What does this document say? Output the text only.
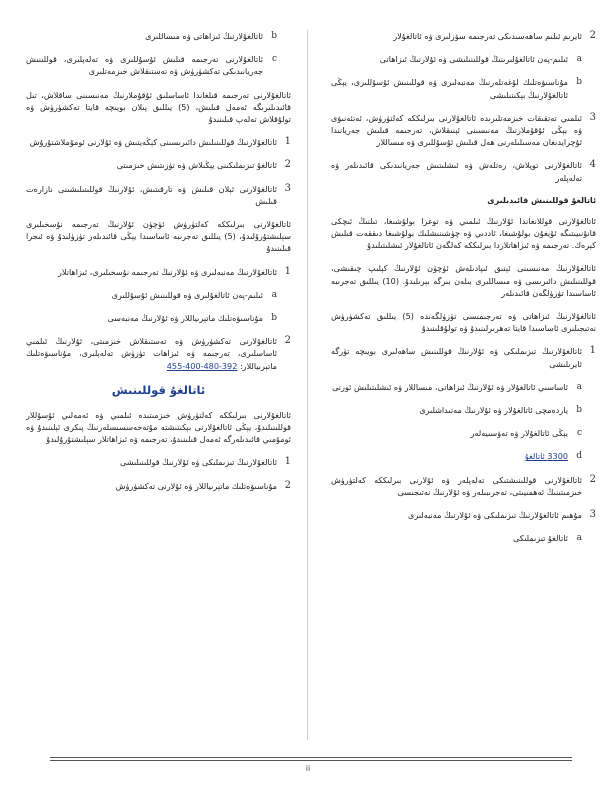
2
ئايرىم ئىلىم ساھەسىدىكى تەرجىمە سۆزلىرى ۋە ئاتالغۇلار
a
ئىلىم-پەن ئاتالغۇلىرىنىڭ قوللىنىلىشى ۋە ئۇلارنىڭ ئىزاھاتى
b
مۇناسىۋەتلىك لۇغەتلەرنىڭ مەنبەلىرى ۋە قوللىنىش ئۇسۇللىرى، يېڭى ئاتالغۇلارنىڭ بېكىتىلىشى
3
ئىلمىي تەتقىقات خىزمەتلىرىدە ئاتالغۇلارنى بىرلىككە كەلتۈرۈش، ئەنئەنىۋى ۋە يېڭى ئۇقۇملارنىڭ مەنىسىنى ئېنىقلاش، تەرجىمە قىلىش جەريانىدا ئۇچرايدىغان مەسىلىلەرنى ھەل قىلىش ئۇسۇللىرى ۋە مىساللار
4
ئاتالغۇلارنى توپلاش، رەتلەش ۋە ئىشلىتىش جەريانىدىكى قائىدىلەر ۋە تەلەپلەر
ئاتالغۇ قوللىنىش قائىدىلىرى

ئاتالغۇلارنى قوللانغاندا ئۇلارنىڭ ئىلمىي ۋە توغرا بولۇشىغا، تىلنىڭ ئىچكى قانۇنىيىتىگە ئۇيغۇن بولۇشىغا، ئاددىي ۋە چۈشىنىشلىك بولۇشىغا دىققەت قىلىش كېرەك. تەرجىمە ۋە ئىزاھاتلاردا بىرلىككە كەلگەن ئاتالغۇلار ئىشلىتىلىدۇ

ئاتالغۇلارنىڭ مەنىسىنى ئېنىق ئىپادىلەش ئۈچۈن ئۇلارنىڭ كېلىپ چىقىشى، قوللىنىلىش دائىرىسى ۋە مىساللىرى بىلەن بىرگە بېرىلىدۇ. (10) يىللىق تەجرىبە ئاساسىدا تۈزۈلگەن قائىدىلەر

ئاتالغۇلارنىڭ ئىزاھاتى ۋە تەرجىمىسى تۈزۈلگەندە (5) يىللىق تەكشۈرۈش نەتىجىلىرى ئاساسىدا قايتا تەھرىرلىنىدۇ ۋە تولۇقلىنىدۇ

1
ئاتالغۇلارنىڭ تىزىملىكى ۋە ئۇلارنىڭ قوللىنىش ساھەلىرى بويىچە تۈرگە ئايرىلىشى
a
ئاساسىي ئاتالغۇلار ۋە ئۇلارنىڭ ئىزاھاتى، مىساللار ۋە ئىشلىتىلىش ئورنى
b
ياردەمچى ئاتالغۇلار ۋە ئۇلارنىڭ مەنىداشلىرى
c
يېڭى ئاتالغۇلار ۋە تەۋسىيەلەر
d
3300 ئاتالغۇ
2
ئاتالغۇلارنى قوللىنىشتىكى تەلەپلەر ۋە ئۇلارنى بىرلىككە كەلتۈرۈش خىزمىتىنىڭ ئەھمىيىتى، تەجرىبىلەر ۋە ئۇلارنىڭ نەتىجىسى
3
مۇھىم ئاتالغۇلارنىڭ تىزىملىكى ۋە ئۇلارنىڭ مەنبەلىرى
a
ئاتالغۇ تىزىملىكى
b
ئاتالغۇلارنىڭ ئىزاھاتى ۋە مىساللىرى
c
ئاتالغۇلارنى تەرجىمە قىلىش ئۇسۇللىرى ۋە تەلەپلىرى، قوللىنىش جەريانىدىكى تەكشۈرۈش ۋە تەستىقلاش خىزمەتلىرى

ئاتالغۇلارنى تەرجىمە قىلغاندا ئاساسلىق ئۇقۇملارنىڭ مەنىسىنى ساقلاش، تىل قائىدىلىرىگە ئەمەل قىلىش، (5) يىللىق پىلان بويىچە قايتا تەكشۈرۈش ۋە تولۇقلاش تەلەپ قىلىنىدۇ

1
ئاتالغۇلارنىڭ قوللىنىلىش دائىرىسىنى كېڭەيتىش ۋە ئۇلارنى ئومۇملاشتۇرۇش
2
ئاتالغۇ تىزىملىكىنى يېڭىلاش ۋە تۈزىتىش خىزمىتى
3
ئاتالغۇلارنى ئېلان قىلىش ۋە تارقىتىش، ئۇلارنىڭ قوللىنىلىشىنى نازارەت قىلىش

ئاتالغۇلارنى بىرلىككە كەلتۈرۈش ئۈچۈن ئۇلارنىڭ تەرجىمە نۇسخىلىرى سېلىشتۇرۇلىدۇ، (5) يىللىق تەجرىبە ئاساسىدا يېڭى قائىدىلەر تۈزۈلىدۇ ۋە ئىجرا قىلىنىدۇ

1
ئاتالغۇلارنىڭ مەنبەلىرى ۋە ئۇلارنىڭ تەرجىمە نۇسخىلىرى، ئىزاھاتلار
a
ئىلىم-پەن ئاتالغۇلىرى ۋە قوللىنىش ئۇسۇللىرى
b
مۇناسىۋەتلىك ماتېرىياللار ۋە ئۇلارنىڭ مەنبەسى
2
ئاتالغۇلارنى تەكشۈرۈش ۋە تەستىقلاش خىزمىتى، ئۇلارنىڭ ئىلمىي ئاساسلىرى، تەرجىمە ۋە ئىزاھات تۈزۈش تەلەپلىرى، مۇناسىۋەتلىك ماتېرىياللار: 392-480-400-455
ئاتالغۇ قوللىنىش

ئاتالغۇلارنى بىرلىككە كەلتۈرۈش خىزمىتىدە ئىلمىي ۋە ئەمەلىي ئۇسۇللار قوللىنىلىدۇ، يېڭى ئاتالغۇلارنى بېكىتىشتە مۇتەخەسسىسلەرنىڭ پىكرى ئېلىنىدۇ ۋە ئومۇمىي قائىدىلەرگە ئەمەل قىلىنىدۇ، تەرجىمە ۋە ئىزاھاتلار سېلىشتۇرۇلىدۇ

1
ئاتالغۇلارنىڭ تىزىملىكى ۋە ئۇلارنىڭ قوللىنىلىشى
2
مۇناسىۋەتلىك ماتېرىياللار ۋە ئۇلارنى تەكشۈرۈش
ii
